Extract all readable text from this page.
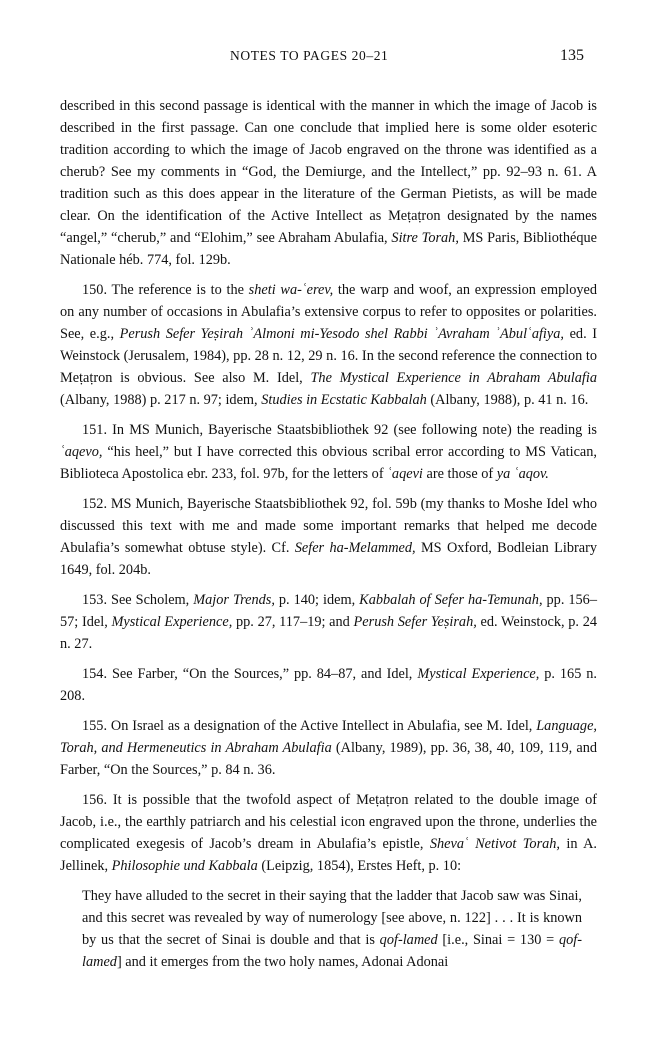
NOTES TO PAGES 20–21	135

described in this second passage is identical with the manner in which the image of Jacob is described in the first passage. Can one conclude that implied here is some older esoteric tradition according to which the image of Jacob engraved on the throne was identified as a cherub? See my comments in “God, the Demiurge, and the Intellect,” pp. 92–93 n. 61. A tradition such as this does appear in the literature of the German Pietists, as will be made clear. On the identification of the Active Intellect as Meṭaṭron designated by the names “angel,” “cherub,” and “Elohim,” see Abraham Abulafia, Sitre Torah, MS Paris, Bibliothéque Nationale héb. 774, fol. 129b.

150. The reference is to the sheti wa-ʿerev, the warp and woof, an expression employed on any number of occasions in Abulafia’s extensive corpus to refer to opposites or polarities. See, e.g., Perush Sefer Yeṣirah ʾAlmoni mi-Yesodo shel Rabbi ʾAvraham ʾAbulʿafiya, ed. I Weinstock (Jerusalem, 1984), pp. 28 n. 12, 29 n. 16. In the second reference the connection to Meṭaṭron is obvious. See also M. Idel, The Mystical Experience in Abraham Abulafia (Albany, 1988) p. 217 n. 97; idem, Studies in Ecstatic Kabbalah (Albany, 1988), p. 41 n. 16.

151. In MS Munich, Bayerische Staatsbibliothek 92 (see following note) the reading is ʿaqevo, “his heel,” but I have corrected this obvious scribal error according to MS Vatican, Biblioteca Apostolica ebr. 233, fol. 97b, for the letters of ʿaqevi are those of ya ʿaqov.

152. MS Munich, Bayerische Staatsbibliothek 92, fol. 59b (my thanks to Moshe Idel who discussed this text with me and made some important remarks that helped me decode Abulafia’s somewhat obtuse style). Cf. Sefer ha-Melammed, MS Oxford, Bodleian Library 1649, fol. 204b.

153. See Scholem, Major Trends, p. 140; idem, Kabbalah of Sefer ha-Temunah, pp. 156–57; Idel, Mystical Experience, pp. 27, 117–19; and Perush Sefer Yeṣirah, ed. Weinstock, p. 24 n. 27.

154. See Farber, “On the Sources,” pp. 84–87, and Idel, Mystical Experience, p. 165 n. 208.

155. On Israel as a designation of the Active Intellect in Abulafia, see M. Idel, Language, Torah, and Hermeneutics in Abraham Abulafia (Albany, 1989), pp. 36, 38, 40, 109, 119, and Farber, “On the Sources,” p. 84 n. 36.

156. It is possible that the twofold aspect of Meṭaṭron related to the double image of Jacob, i.e., the earthly patriarch and his celestial icon engraved upon the throne, underlies the complicated exegesis of Jacob’s dream in Abulafia’s epistle, Shevaʿ Netivot Torah, in A. Jellinek, Philosophie und Kabbala (Leipzig, 1854), Erstes Heft, p. 10:

They have alluded to the secret in their saying that the ladder that Jacob saw was Sinai, and this secret was revealed by way of numerology [see above, n. 122] . . . It is known by us that the secret of Sinai is double and that is qof-lamed [i.e., Sinai = 130 = qof-lamed] and it emerges from the two holy names, Adonai Adonai
